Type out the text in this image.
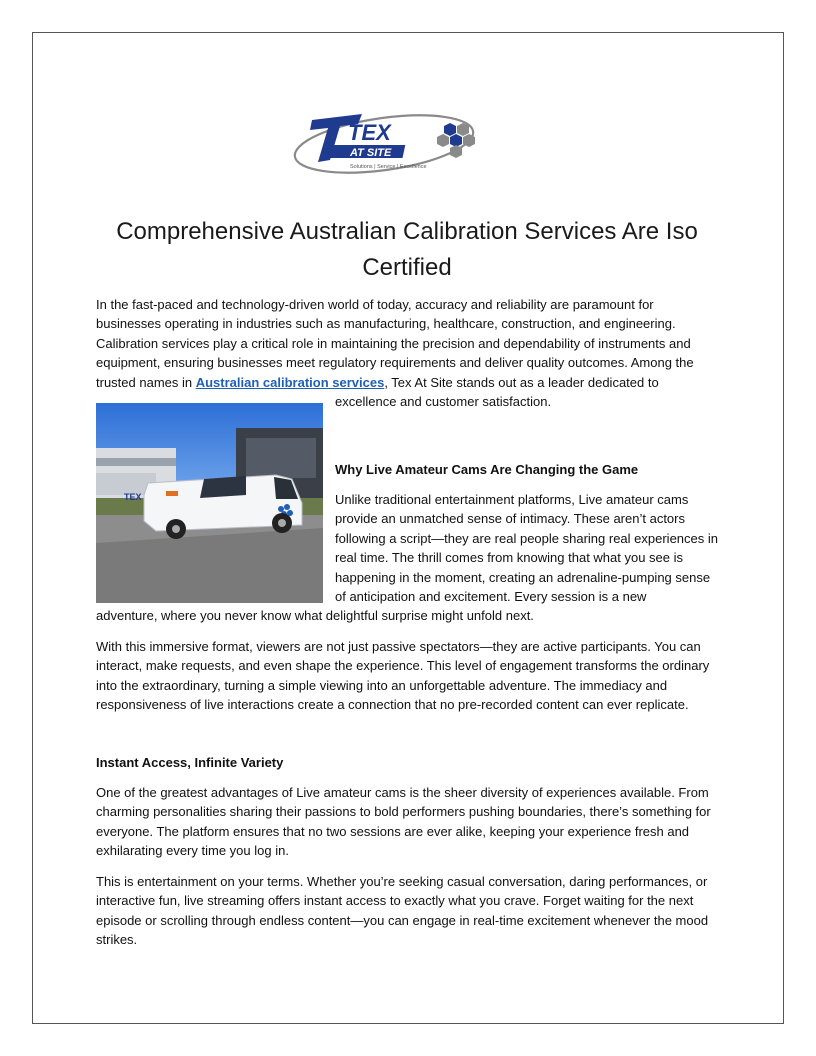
TEX
AT SITE
Solutions | Service | Excellence
Comprehensive Australian Calibration Services Are Iso
Certified

In the fast-paced and technology-driven world of today, accuracy and reliability are paramount for businesses operating in industries such as manufacturing, healthcare, construction, and engineering. Calibration services play a critical role in maintaining the precision and dependability of instruments and equipment, ensuring businesses meet regulatory requirements and deliver quality outcomes. Among the trusted names in Australian calibration services, Tex At Site stands out as a leader dedicated to

excellence and customer satisfaction.

TEX

Why Live Amateur Cams Are Changing the Game

Unlike traditional entertainment platforms, Live amateur cams provide an unmatched sense of intimacy. These aren’t actors following a script—they are real people sharing real experiences in real time. The thrill comes from knowing that what you see is happening in the moment, creating an adrenaline-pumping sense of anticipation and excitement. Every session is a new

adventure, where you never know what delightful surprise might unfold next.

With this immersive format, viewers are not just passive spectators—they are active participants. You can interact, make requests, and even shape the experience. This level of engagement transforms the ordinary into the extraordinary, turning a simple viewing into an unforgettable adventure. The immediacy and responsiveness of live interactions create a connection that no pre-recorded content can ever replicate.

Instant Access, Infinite Variety

One of the greatest advantages of Live amateur cams is the sheer diversity of experiences available. From charming personalities sharing their passions to bold performers pushing boundaries, there’s something for everyone. The platform ensures that no two sessions are ever alike, keeping your experience fresh and exhilarating every time you log in.

This is entertainment on your terms. Whether you’re seeking casual conversation, daring performances, or interactive fun, live streaming offers instant access to exactly what you crave. Forget waiting for the next episode or scrolling through endless content—you can engage in real-time excitement whenever the mood strikes.
